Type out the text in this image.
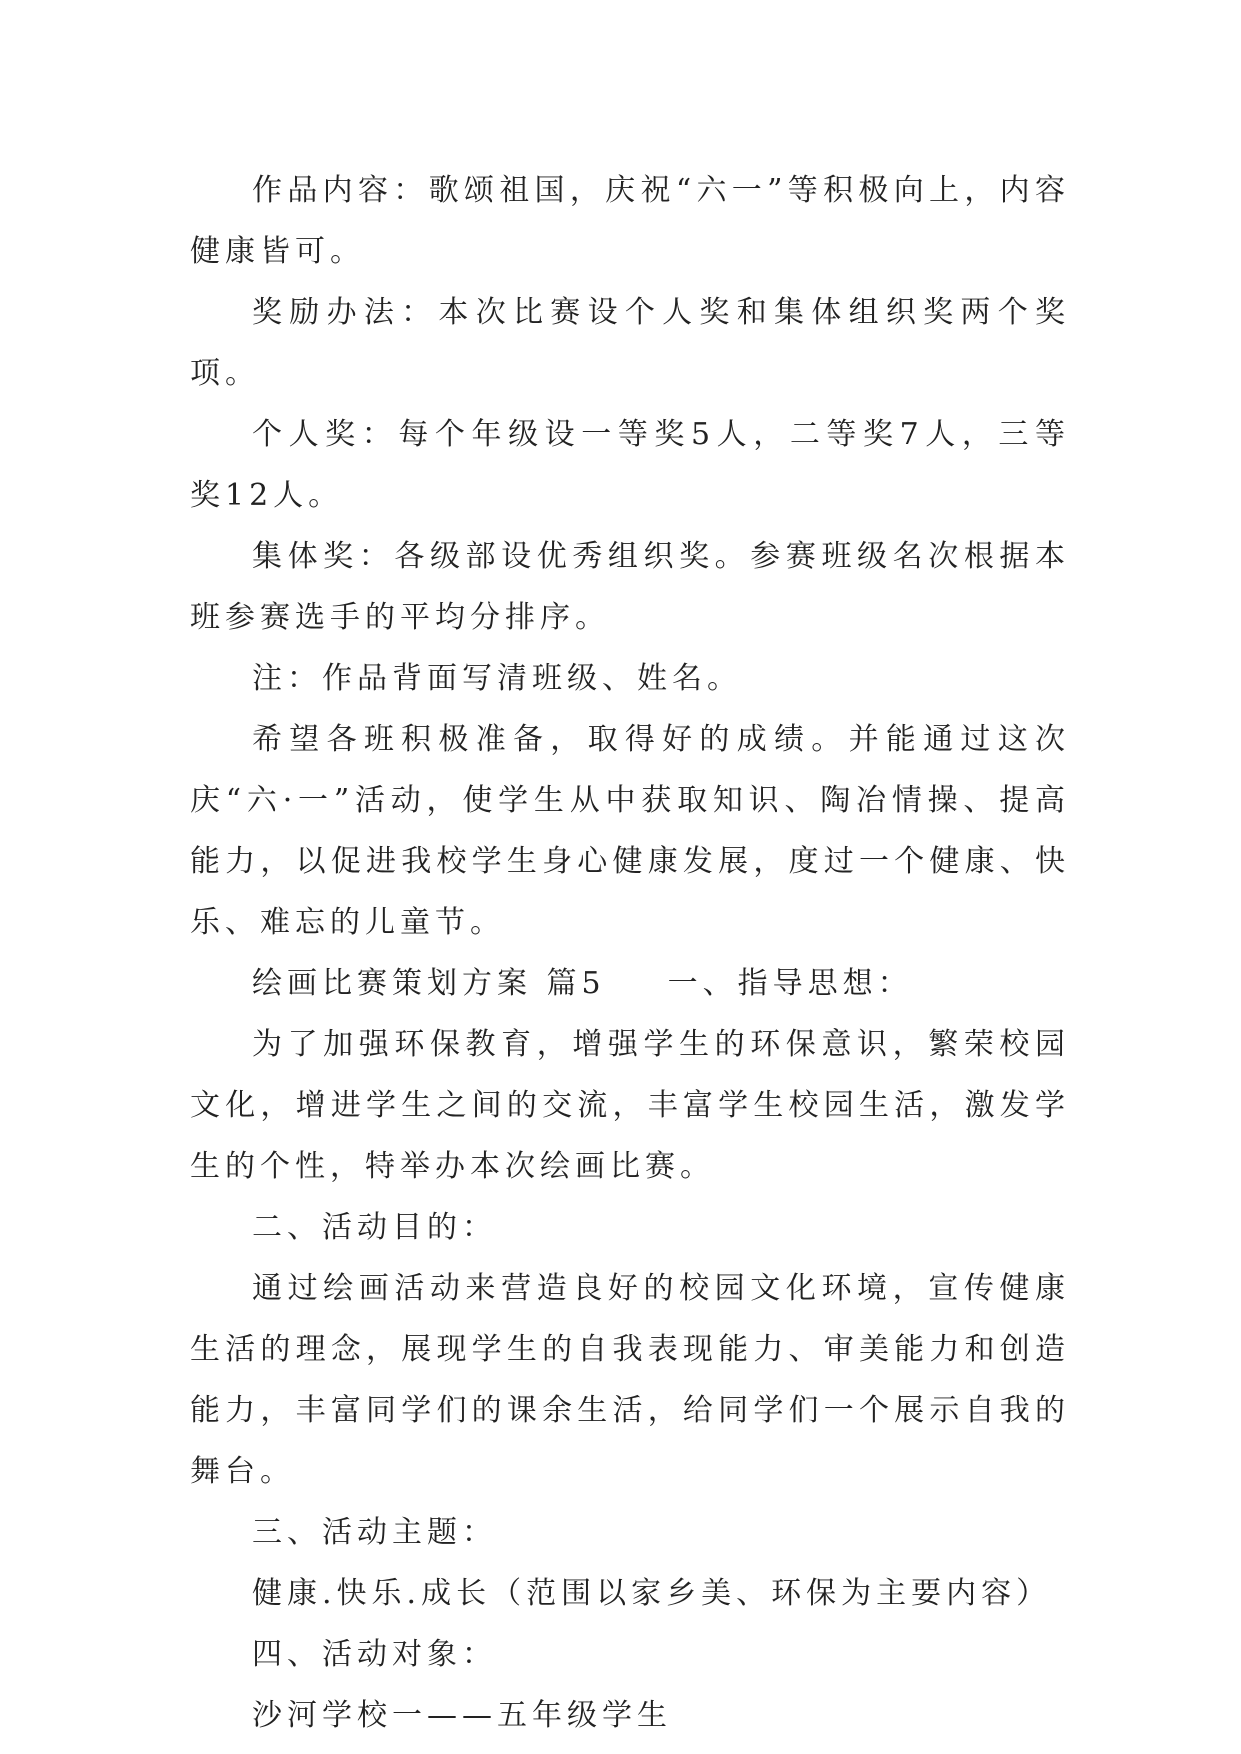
作品内容：歌颂祖国，庆祝“六一”等积极向上，内容健康皆可。

奖励办法：本次比赛设个人奖和集体组织奖两个奖项。

个人奖：每个年级设一等奖5人，二等奖7人，三等奖12人。

集体奖：各级部设优秀组织奖。参赛班级名次根据本班参赛选手的平均分排序。

注：作品背面写清班级、姓名。

希望各班积极准备，取得好的成绩。并能通过这次庆“六·一”活动，使学生从中获取知识、陶冶情操、提高能力，以促进我校学生身心健康发展，度过一个健康、快乐、难忘的儿童节。

绘画比赛策划方案 篇5 一、指导思想：

为了加强环保教育，增强学生的环保意识，繁荣校园文化，增进学生之间的交流，丰富学生校园生活，激发学生的个性，特举办本次绘画比赛。

二、活动目的：

通过绘画活动来营造良好的校园文化环境，宣传健康生活的理念，展现学生的自我表现能力、审美能力和创造能力，丰富同学们的课余生活，给同学们一个展示自我的舞台。

三、活动主题：

健康.快乐.成长（范围以家乡美、环保为主要内容）

四、活动对象：

沙河学校一——五年级学生
